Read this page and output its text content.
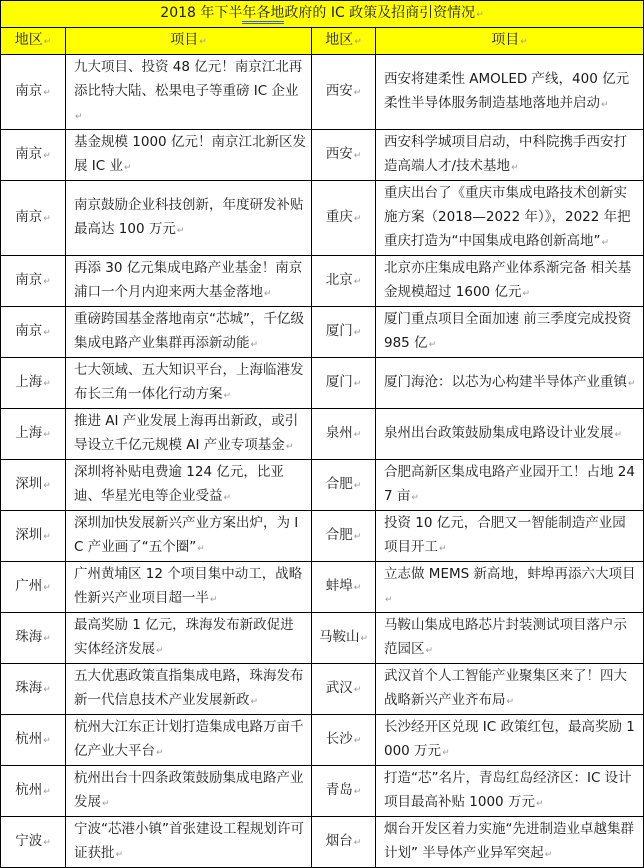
2018 年下半年各地政府的 IC 政策及招商引资情况↵			
地区↵	项目↵	地区↵	项目↵
南京↵	九大项目、投资 48 亿元！南京江北再添比特大陆、松果电子等重磅 IC 企业↵	西安↵	西安将建柔性 AMOLED 产线，400 亿元柔性半导体服务制造基地落地并启动↵
南京↵	基金规模 1000 亿元！南京江北新区发展 IC 业↵	西安↵	西安科学城项目启动，中科院携手西安打造高端人才/技术基地↵
南京↵	南京鼓励企业科技创新，年度研发补贴最高达 100 万元↵	重庆↵	重庆出台了《重庆市集成电路技术创新实施方案（2018—2022 年）》，2022 年把重庆打造为“中国集成电路创新高地”↵
南京↵	再添 30 亿元集成电路产业基金！南京浦口一个月内迎来两大基金落地↵	北京↵	北京亦庄集成电路产业体系渐完备 相关基金规模超过 1600 亿元↵
南京↵	重磅跨国基金落地南京“芯城”，千亿级集成电路产业集群再添新动能↵	厦门↵	厦门重点项目全面加速 前三季度完成投资 985 亿↵
上海↵	七大领域、五大知识平台，上海临港发布长三角一体化行动方案↵	厦门↵	厦门海沧：以芯为心构建半导体产业重镇↵
上海↵	推进 AI 产业发展上海再出新政，或引导设立千亿元规模 AI 产业专项基金↵	泉州↵	泉州出台政策鼓励集成电路设计业发展↵
深圳↵	深圳将补贴电费逾 124 亿元，比亚迪、华星光电等企业受益↵	合肥↵	合肥高新区集成电路产业园开工！占地 247 亩↵
深圳↵	深圳加快发展新兴产业方案出炉，为 IC 产业画了“五个圈”↵	合肥↵	投资 10 亿元，合肥又一智能制造产业园项目开工↵
广州↵	广州黄埔区 12 个项目集中动工，战略性新兴产业项目超一半↵	蚌埠↵	立志做 MEMS 新高地，蚌埠再添六大项目↵
珠海↵	最高奖励 1 亿元，珠海发布新政促进实体经济发展↵	马鞍山↵	马鞍山集成电路芯片封装测试项目落户示范园区↵
珠海↵	五大优惠政策直指集成电路，珠海发布新一代信息技术产业发展新政↵	武汉↵	武汉首个人工智能产业聚集区来了！四大战略新兴产业齐布局↵
杭州↵	杭州大江东正计划打造集成电路万亩千亿产业大平台↵	长沙↵	长沙经开区兑现 IC 政策红包，最高奖励 1000 万元↵
杭州↵	杭州出台十四条政策鼓励集成电路产业发展↵	青岛↵	打造“芯”名片，青岛红岛经济区：IC 设计项目最高补贴 1000 万元↵
宁波↵	宁波“芯港小镇”首张建设工程规划许可证获批↵	烟台↵	烟台开发区着力实施“先进制造业卓越集群计划” 半导体产业异军突起↵
